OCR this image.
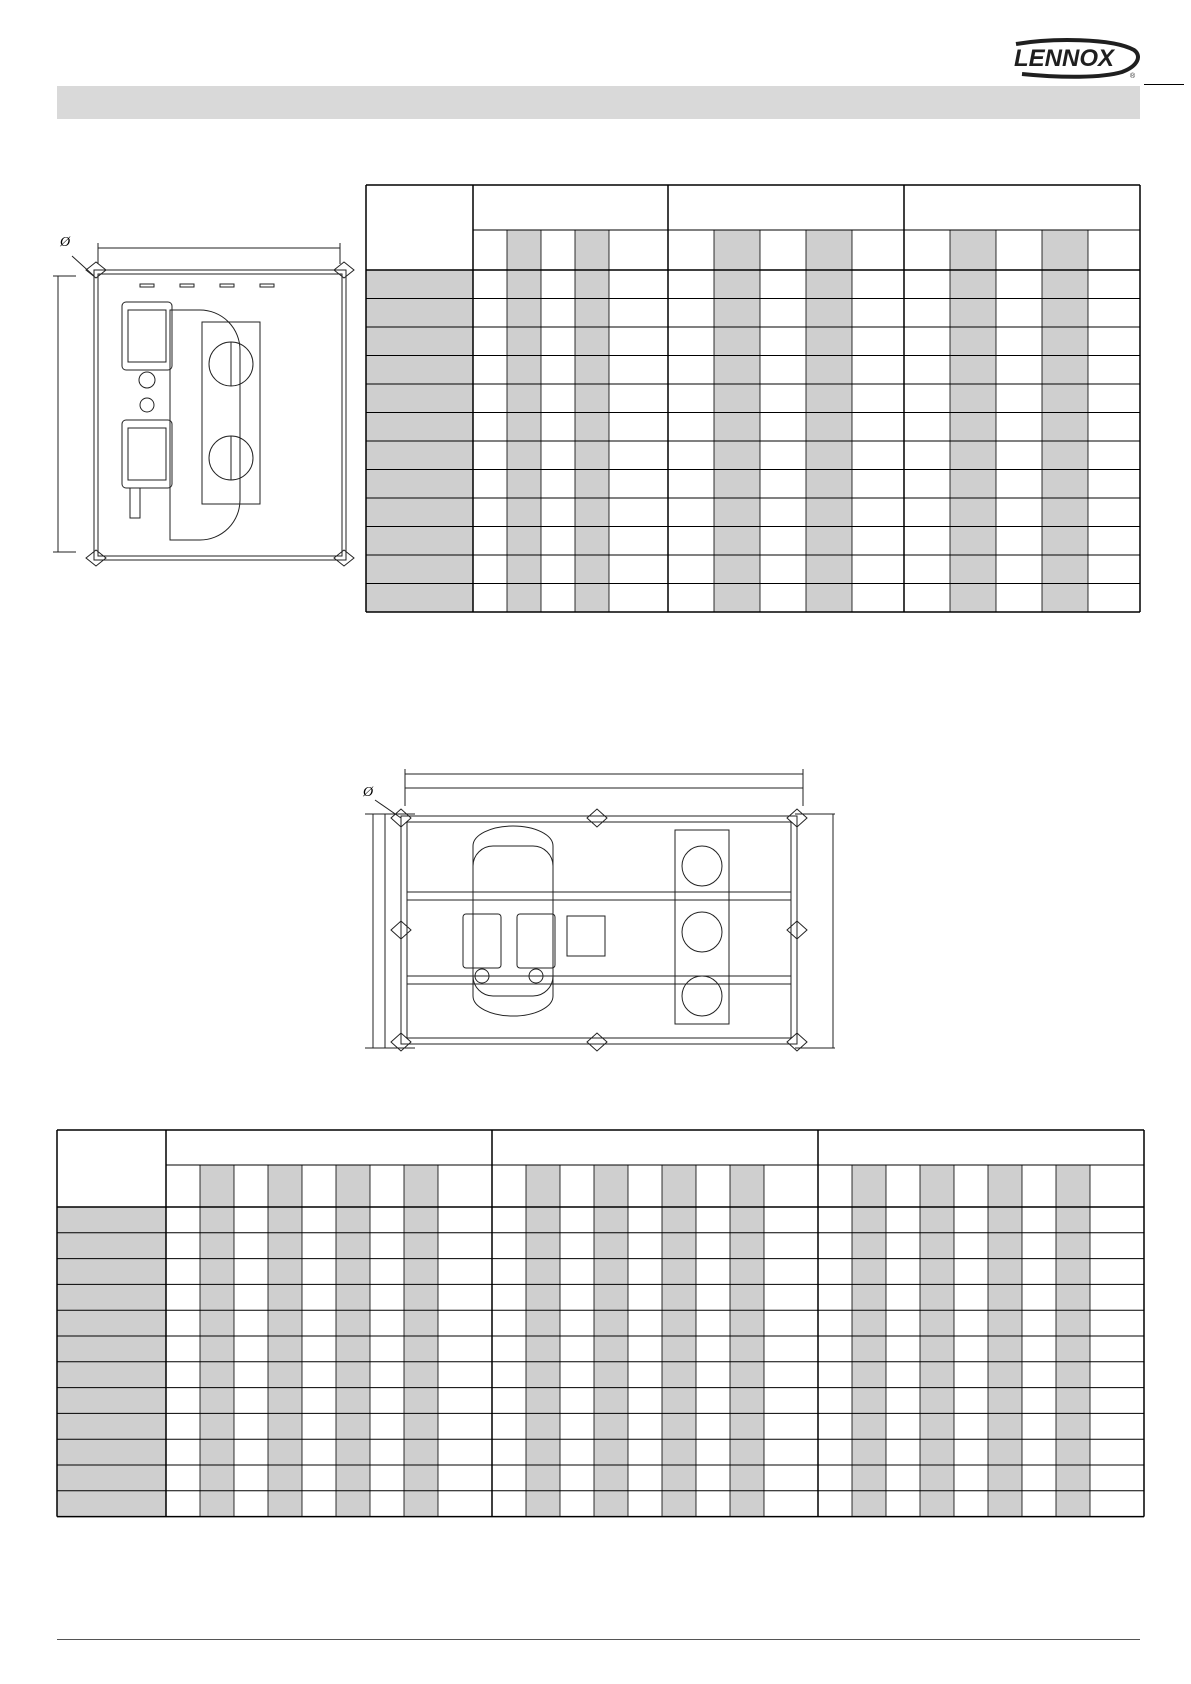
LENNOX
®
Ø
Ø
